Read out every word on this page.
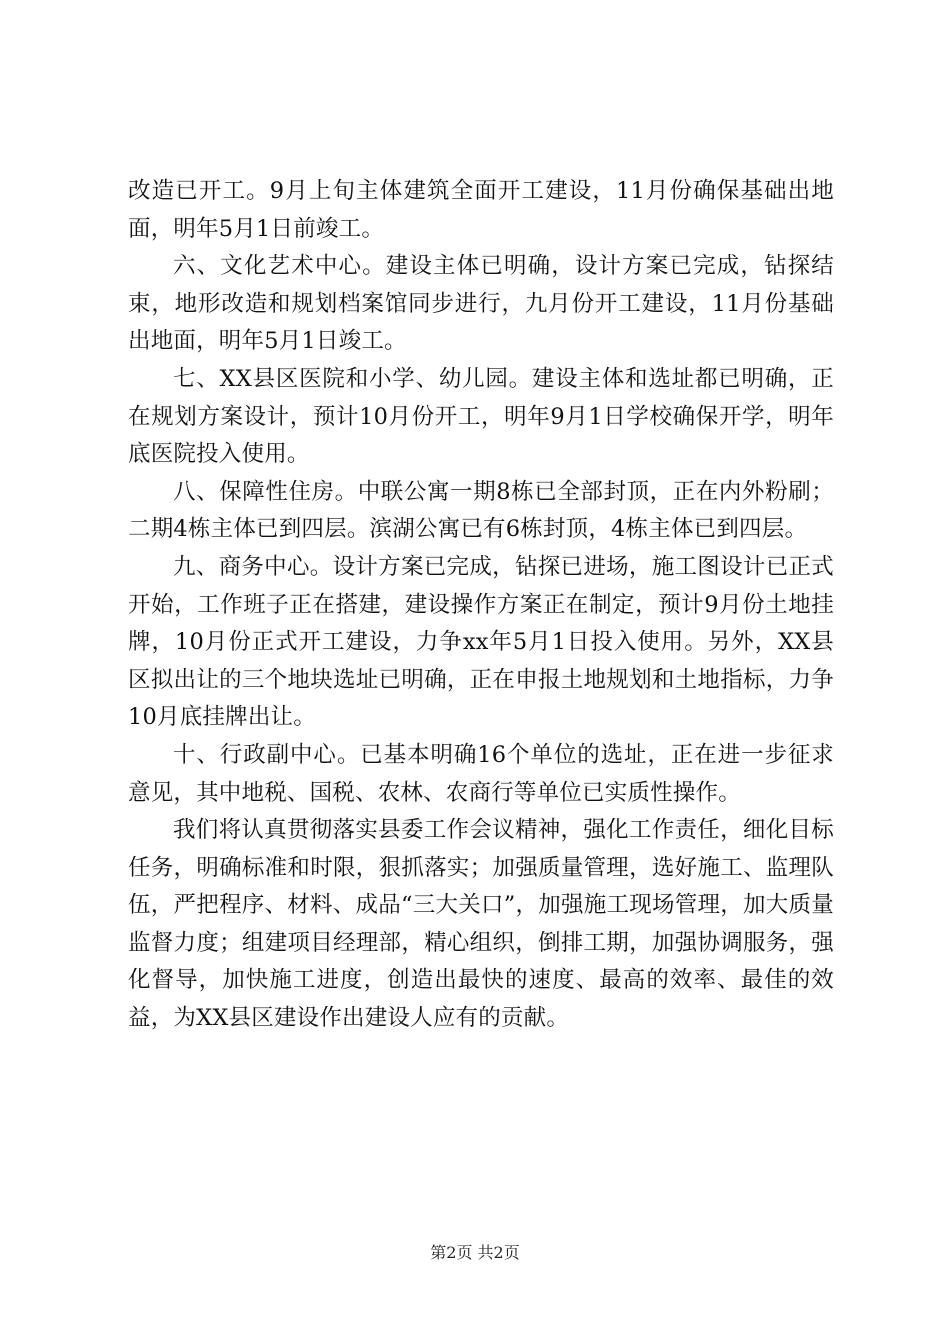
改造已开工。9月上旬主体建筑全面开工建设，11月份确保基础出地面，明年5月1日前竣工。

六、文化艺术中心。建设主体已明确，设计方案已完成，钻探结束，地形改造和规划档案馆同步进行，九月份开工建设，11月份基础出地面，明年5月1日竣工。

七、XX县区医院和小学、幼儿园。建设主体和选址都已明确，正在规划方案设计，预计10月份开工，明年9月1日学校确保开学，明年底医院投入使用。

八、保障性住房。中联公寓一期8栋已全部封顶，正在内外粉刷；二期4栋主体已到四层。滨湖公寓已有6栋封顶，4栋主体已到四层。

九、商务中心。设计方案已完成，钻探已进场，施工图设计已正式开始，工作班子正在搭建，建设操作方案正在制定，预计9月份土地挂牌，10月份正式开工建设，力争xx年5月1日投入使用。另外，XX县区拟出让的三个地块选址已明确，正在申报土地规划和土地指标，力争10月底挂牌出让。

十、行政副中心。已基本明确16个单位的选址，正在进一步征求意见，其中地税、国税、农林、农商行等单位已实质性操作。

我们将认真贯彻落实县委工作会议精神，强化工作责任，细化目标任务，明确标准和时限，狠抓落实；加强质量管理，选好施工、监理队伍，严把程序、材料、成品“三大关口”，加强施工现场管理，加大质量监督力度；组建项目经理部，精心组织，倒排工期，加强协调服务，强化督导，加快施工进度，创造出最快的速度、最高的效率、最佳的效益，为XX县区建设作出建设人应有的贡献。

第2页 共2页
